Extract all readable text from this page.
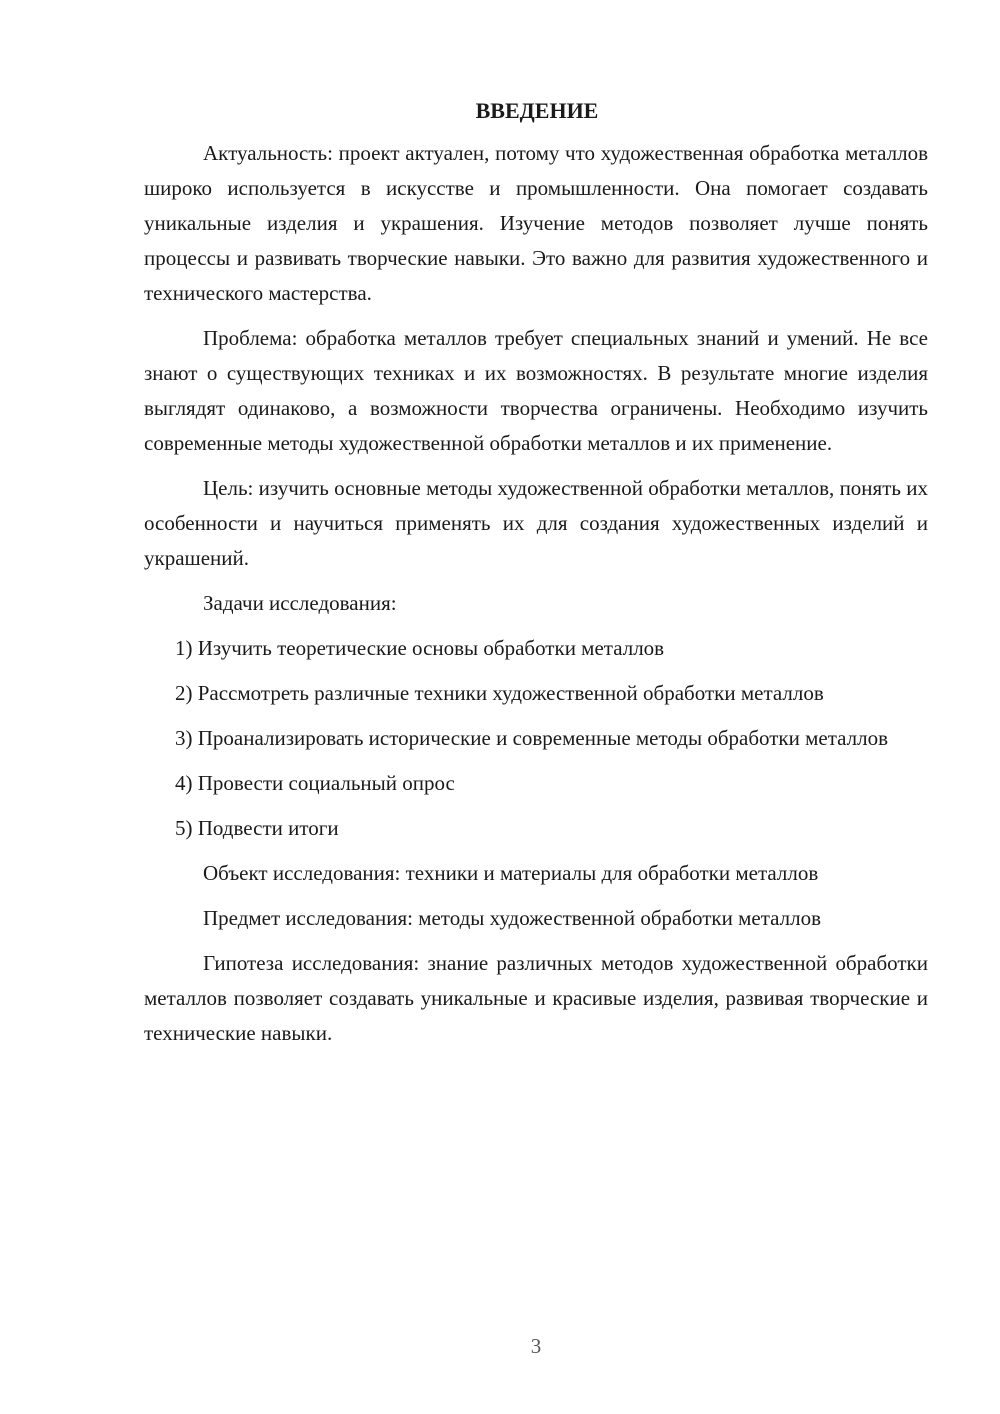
ВВЕДЕНИЕ

Актуальность: проект актуален, потому что художественная обработка металлов широко используется в искусстве и промышленности. Она помогает создавать уникальные изделия и украшения. Изучение методов позволяет лучше понять процессы и развивать творческие навыки. Это важно для развития художественного и технического мастерства.

Проблема: обработка металлов требует специальных знаний и умений. Не все знают о существующих техниках и их возможностях. В результате многие изделия выглядят одинаково, а возможности творчества ограничены. Необходимо изучить современные методы художественной обработки металлов и их применение.

Цель: изучить основные методы художественной обработки металлов, понять их особенности и научиться применять их для создания художественных изделий и украшений.

Задачи исследования:

1) Изучить теоретические основы обработки металлов

2) Рассмотреть различные техники художественной обработки металлов

3) Проанализировать исторические и современные методы обработки металлов

4) Провести социальный опрос

5) Подвести итоги

Объект исследования: техники и материалы для обработки металлов

Предмет исследования: методы художественной обработки металлов

Гипотеза исследования: знание различных методов художественной обработки металлов позволяет создавать уникальные и красивые изделия, развивая творческие и технические навыки.

3
